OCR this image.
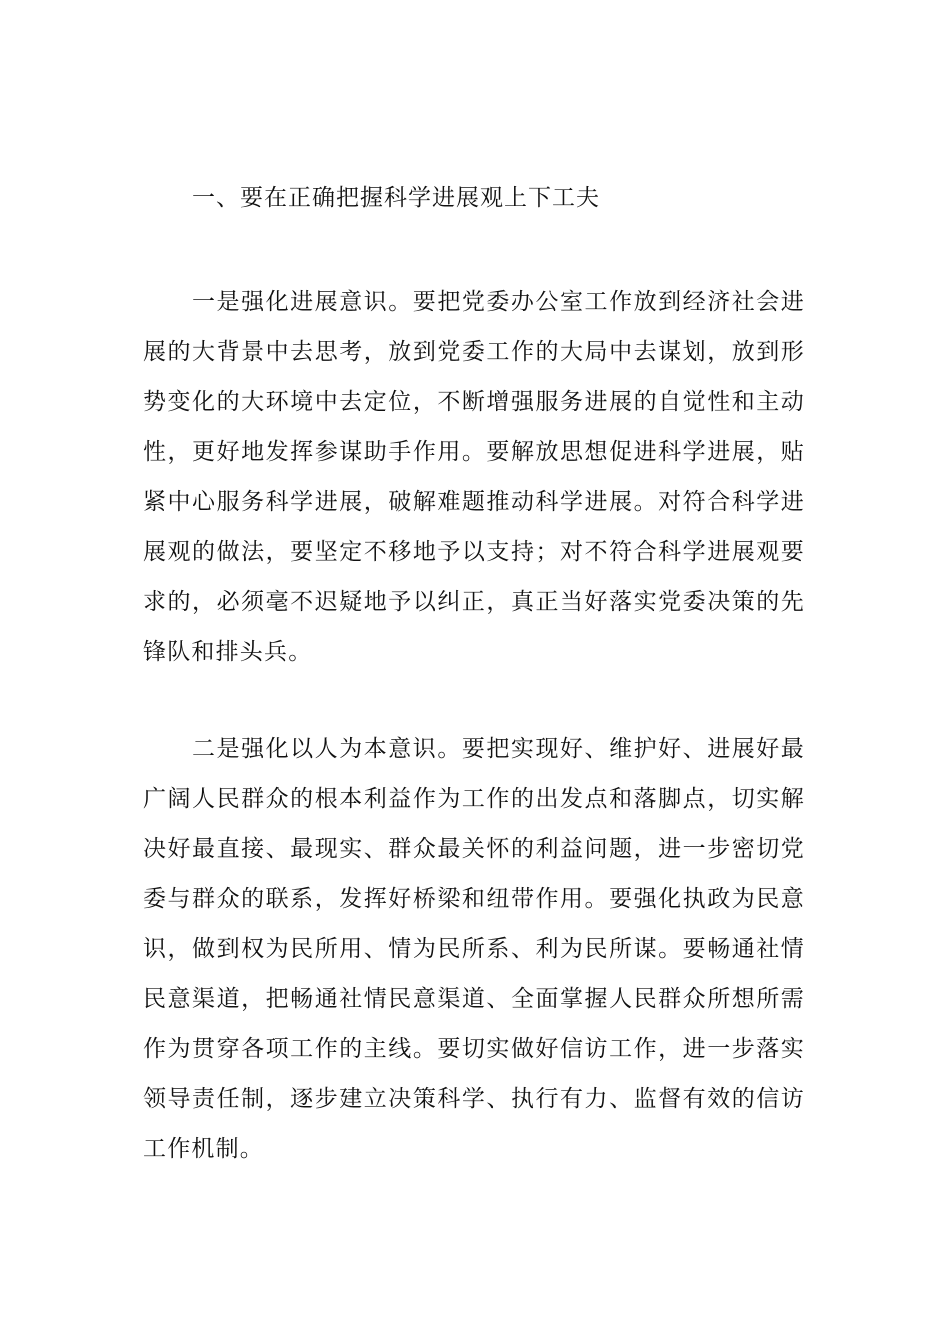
一、要在正确把握科学进展观上下工夫

一是强化进展意识。要把党委办公室工作放到经济社会进展的大背景中去思考，放到党委工作的大局中去谋划，放到形势变化的大环境中去定位，不断增强服务进展的自觉性和主动性，更好地发挥参谋助手作用。要解放思想促进科学进展，贴紧中心服务科学进展，破解难题推动科学进展。对符合科学进展观的做法，要坚定不移地予以支持；对不符合科学进展观要求的，必须毫不迟疑地予以纠正，真正当好落实党委决策的先锋队和排头兵。

二是强化以人为本意识。要把实现好、维护好、进展好最广阔人民群众的根本利益作为工作的出发点和落脚点，切实解决好最直接、最现实、群众最关怀的利益问题，进一步密切党委与群众的联系，发挥好桥梁和纽带作用。要强化执政为民意识，做到权为民所用、情为民所系、利为民所谋。要畅通社情民意渠道，把畅通社情民意渠道、全面掌握人民群众所想所需作为贯穿各项工作的主线。要切实做好信访工作，进一步落实领导责任制，逐步建立决策科学、执行有力、监督有效的信访工作机制。
